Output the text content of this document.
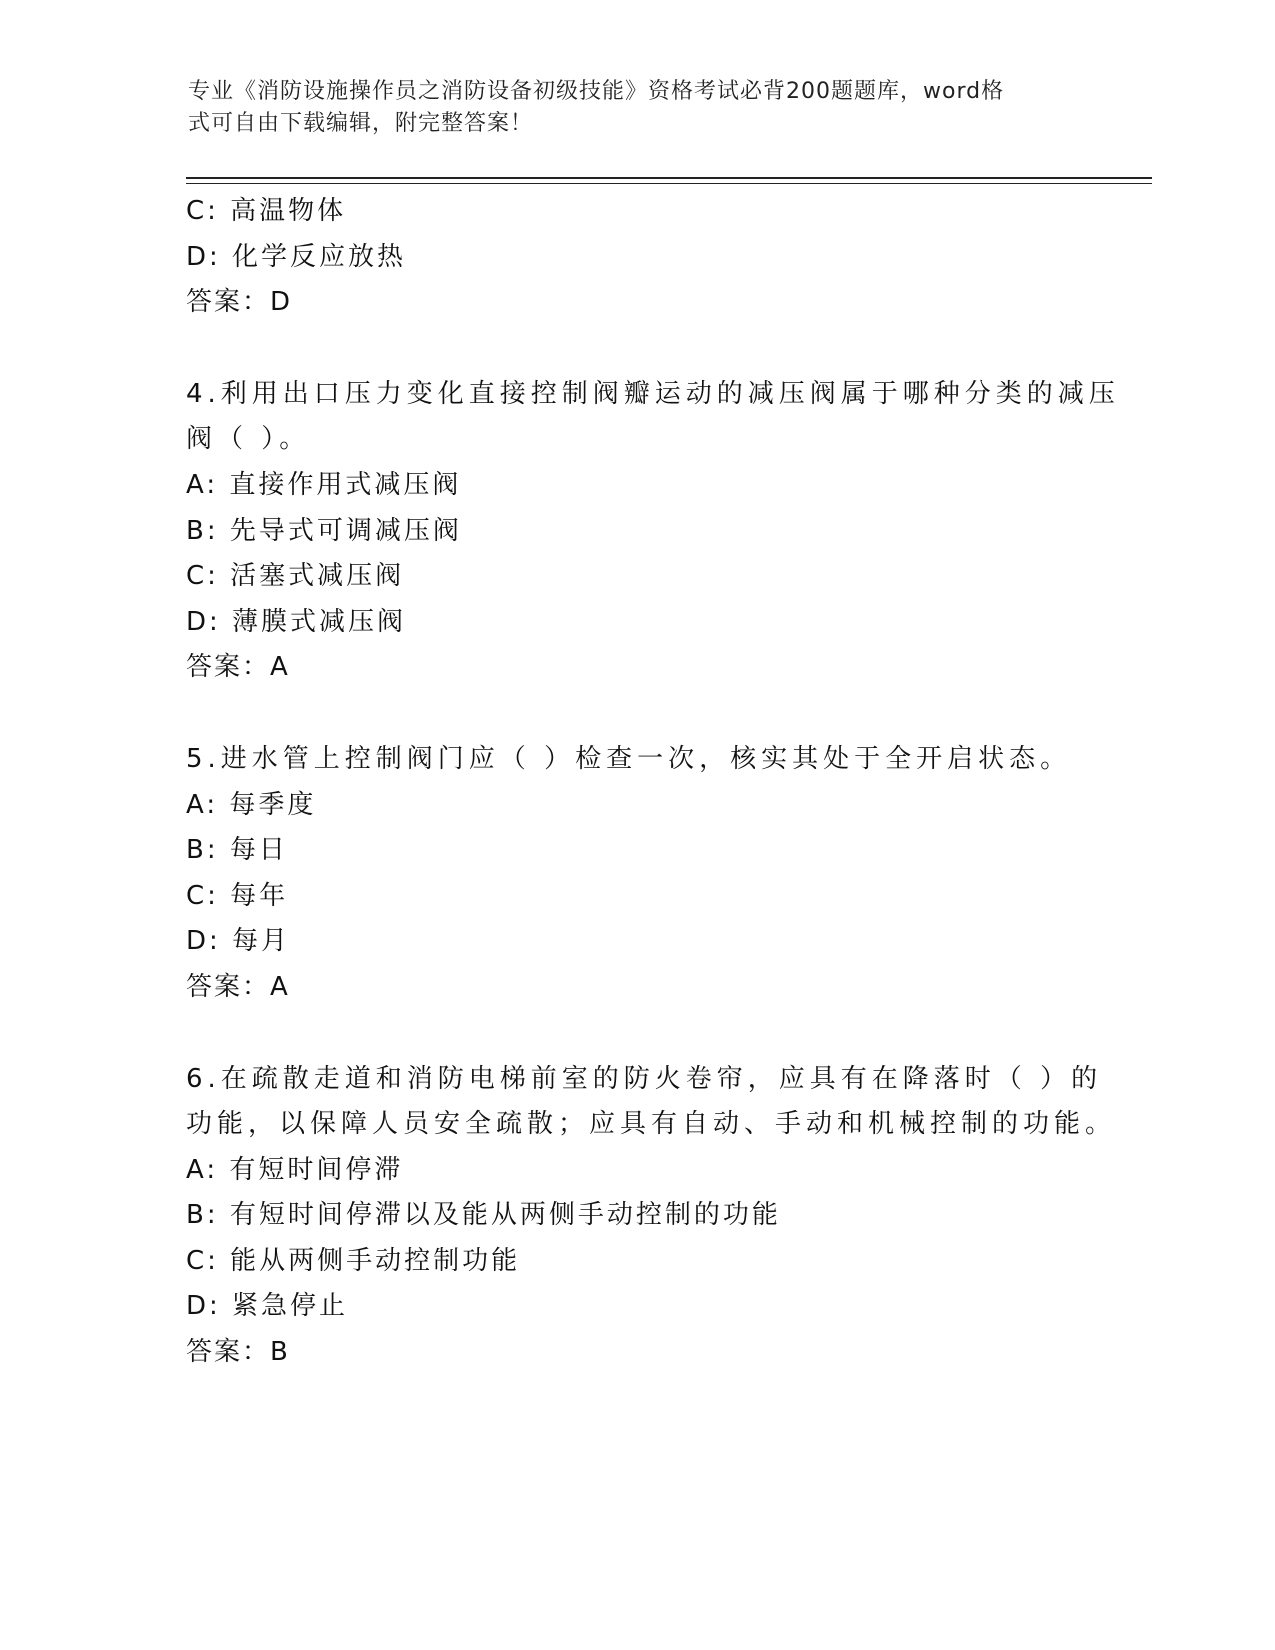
专业《消防设施操作员之消防设备初级技能》资格考试必背200题题库，word格
式可自由下载编辑，附完整答案！
C: 高温物体
D: 化学反应放热
答案：D
4.利用出口压力变化直接控制阀瓣运动的减压阀属于哪种分类的减压
阀（ ）。
A: 直接作用式减压阀
B: 先导式可调减压阀
C: 活塞式减压阀
D: 薄膜式减压阀
答案：A
5.进水管上控制阀门应（ ）检查一次，核实其处于全开启状态。
A: 每季度
B: 每日
C: 每年
D: 每月
答案：A
6.在疏散走道和消防电梯前室的防火卷帘，应具有在降落时（ ）的
功能，以保障人员安全疏散；应具有自动、手动和机械控制的功能。
A: 有短时间停滞
B: 有短时间停滞以及能从两侧手动控制的功能
C: 能从两侧手动控制功能
D: 紧急停止
答案：B
